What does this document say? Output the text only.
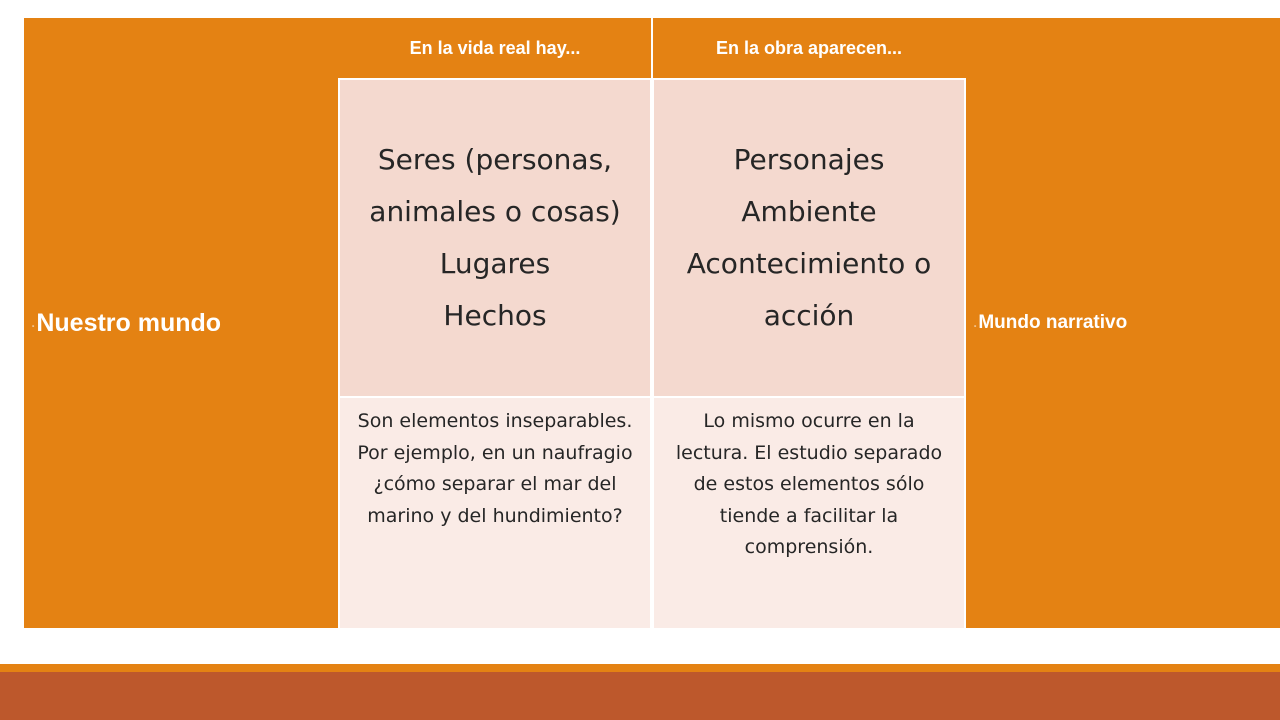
- Nuestro mundo
En la vida real hay...	En la obra aparecen...
Seres (personas,
animales o cosas)
Lugares
Hechos
Personajes
Ambiente
Acontecimiento o
acción
Son elementos inseparables. Por ejemplo, en un naufragio ¿cómo separar el mar del marino y del hundimiento?
Lo mismo ocurre en la lectura. El estudio separado de estos elementos sólo tiende a facilitar la comprensión.
- Mundo narrativo
